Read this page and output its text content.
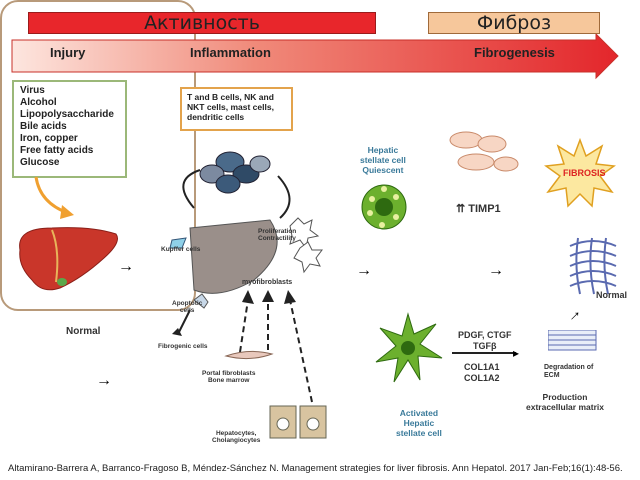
Активность	Фиброз
Injury	Inflammation	Fibrogenesis
Virus
Alcohol
Lipopolysaccharide
Bile acids
Iron, copper
Free fatty acids
Glucose
Normal
→
→
T and B cells, NK and
NKT cells, mast cells,
dendritic cells
Kupffer cells
Proliferation
Contractility
myofibroblasts
Apoptotic
cells
Fibrogenic cells
Portal fibroblasts
Bone marrow
Hepatocytes,
Cholangiocytes
→	→
Hepatic
stellate cell
Quiescent
Activated
Hepatic
stellate cell
⇈ TIMP1
FIBROSIS
Normal
→
PDGF, CTGF
TGFβ	▸
COL1A1
COL1A2
Degradation of
ECM
Production
extracellular matrix
Altamirano-Barrera A, Barranco-Fragoso B, Méndez-Sánchez N. Management strategies for liver fibrosis. Ann Hepatol. 2017 Jan-Feb;16(1):48-56.
